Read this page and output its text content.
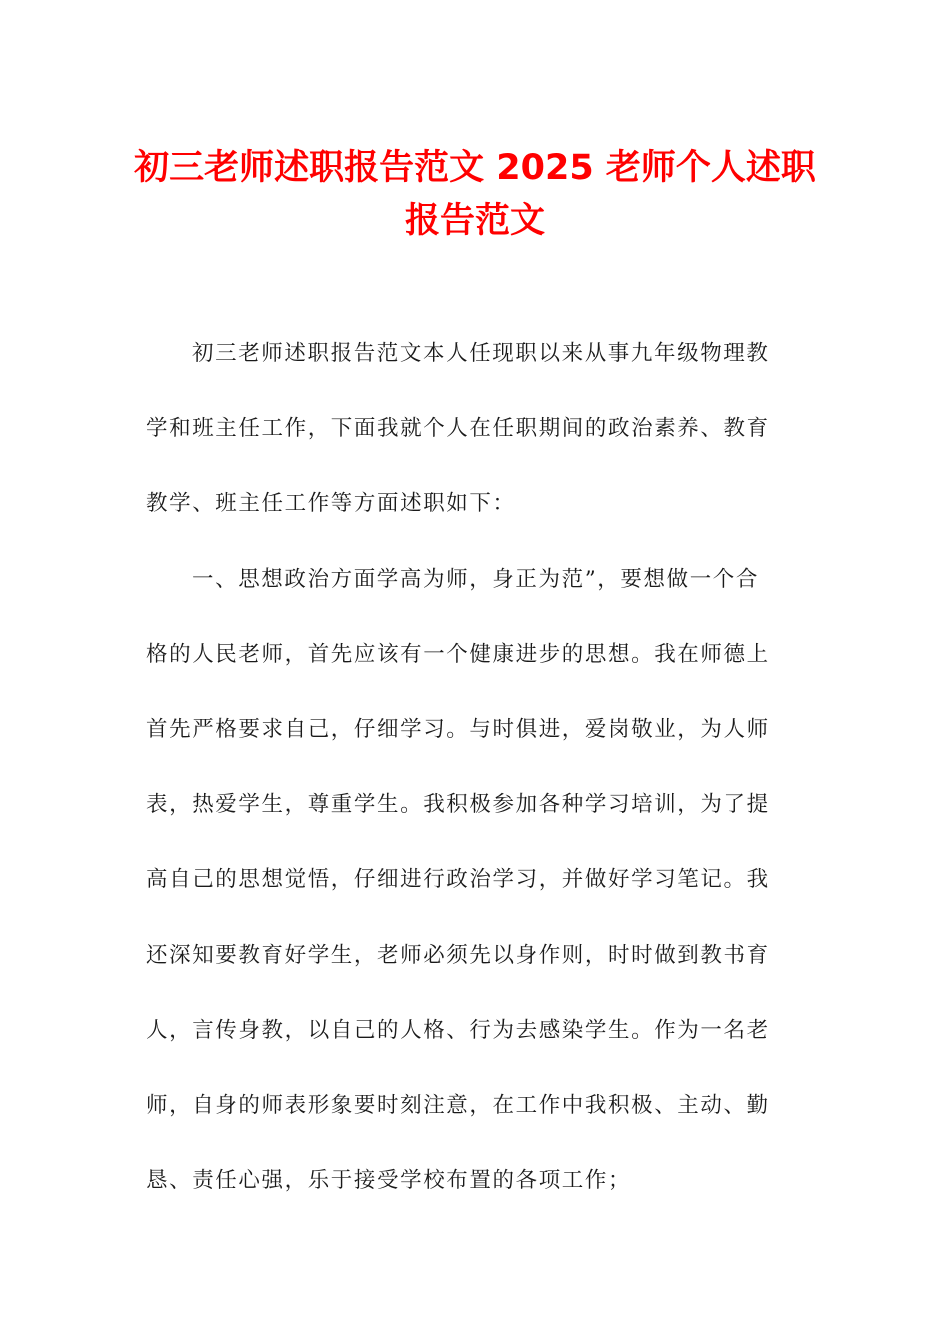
初三老师述职报告范文 2025 老师个人述职
报告范文
初三老师述职报告范文本人任现职以来从事九年级物理教
学和班主任工作，下面我就个人在任职期间的政治素养、教育
教学、班主任工作等方面述职如下：
一、思想政治方面学高为师，身正为范”，要想做一个合
格的人民老师，首先应该有一个健康进步的思想。我在师德上
首先严格要求自己，仔细学习。与时俱进，爱岗敬业，为人师
表，热爱学生，尊重学生。我积极参加各种学习培训，为了提
高自己的思想觉悟，仔细进行政治学习，并做好学习笔记。我
还深知要教育好学生，老师必须先以身作则，时时做到教书育
人，言传身教，以自己的人格、行为去感染学生。作为一名老
师，自身的师表形象要时刻注意，在工作中我积极、主动、勤
恳、责任心强，乐于接受学校布置的各项工作；
